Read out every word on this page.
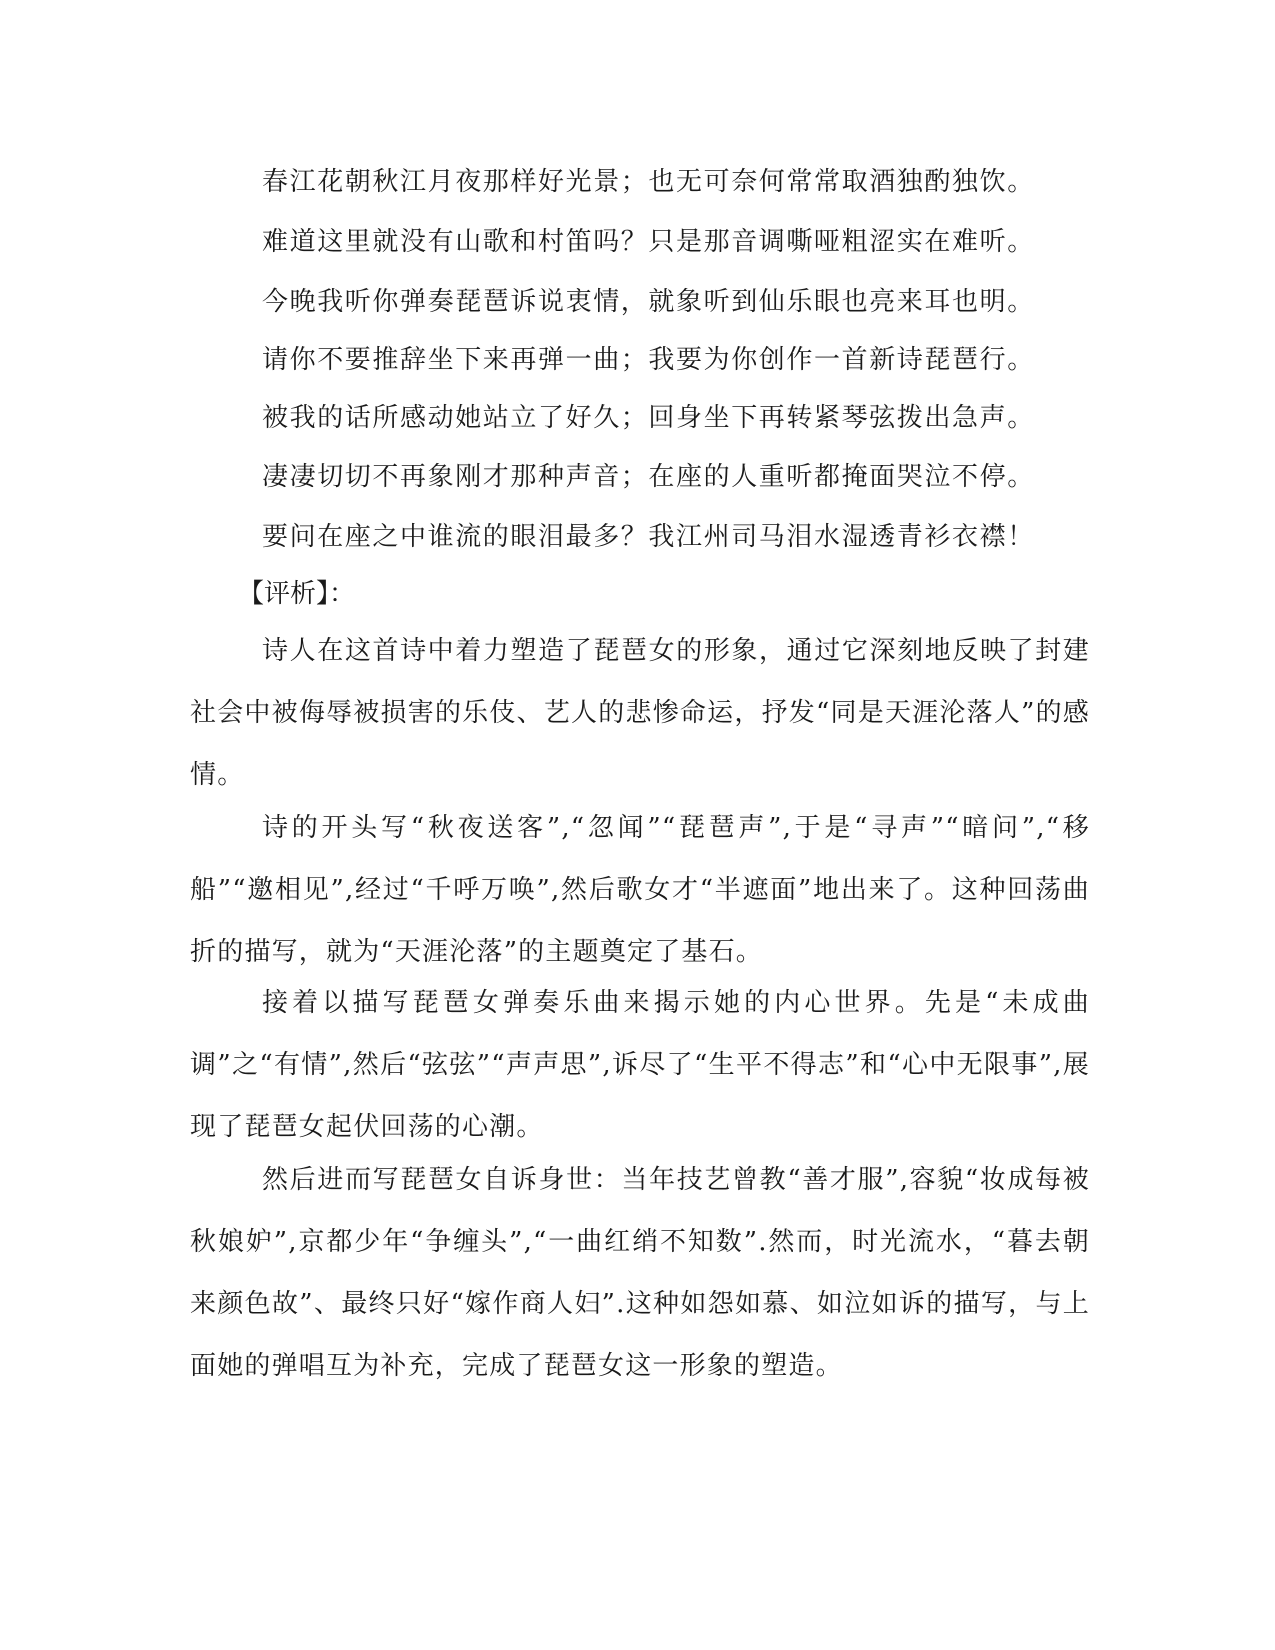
春江花朝秋江月夜那样好光景；也无可奈何常常取酒独酌独饮。
难道这里就没有山歌和村笛吗？只是那音调嘶哑粗涩实在难听。
今晚我听你弹奏琵琶诉说衷情，就象听到仙乐眼也亮来耳也明。
请你不要推辞坐下来再弹一曲；我要为你创作一首新诗琵琶行。
被我的话所感动她站立了好久；回身坐下再转紧琴弦拨出急声。
凄凄切切不再象刚才那种声音；在座的人重听都掩面哭泣不停。
要问在座之中谁流的眼泪最多？我江州司马泪水湿透青衫衣襟！
【评析】：

诗人在这首诗中着力塑造了琵琶女的形象，通过它深刻地反映了封建社会中被侮辱被损害的乐伎、艺人的悲惨命运，抒发“同是天涯沦落人”的感情。

诗的开头写“秋夜送客”,“忽闻”“琵琶声”,于是“寻声”“暗问”,“移船”“邀相见”,经过“千呼万唤”,然后歌女才“半遮面”地出来了。这种回荡曲折的描写，就为“天涯沦落”的主题奠定了基石。

接着以描写琵琶女弹奏乐曲来揭示她的内心世界。先是“未成曲调”之“有情”,然后“弦弦”“声声思”,诉尽了“生平不得志”和“心中无限事”,展现了琵琶女起伏回荡的心潮。

然后进而写琵琶女自诉身世：当年技艺曾教“善才服”,容貌“妆成每被秋娘妒”,京都少年“争缠头”,“一曲红绡不知数”.然而，时光流水，“暮去朝来颜色故”、最终只好“嫁作商人妇”.这种如怨如慕、如泣如诉的描写，与上面她的弹唱互为补充，完成了琵琶女这一形象的塑造。
